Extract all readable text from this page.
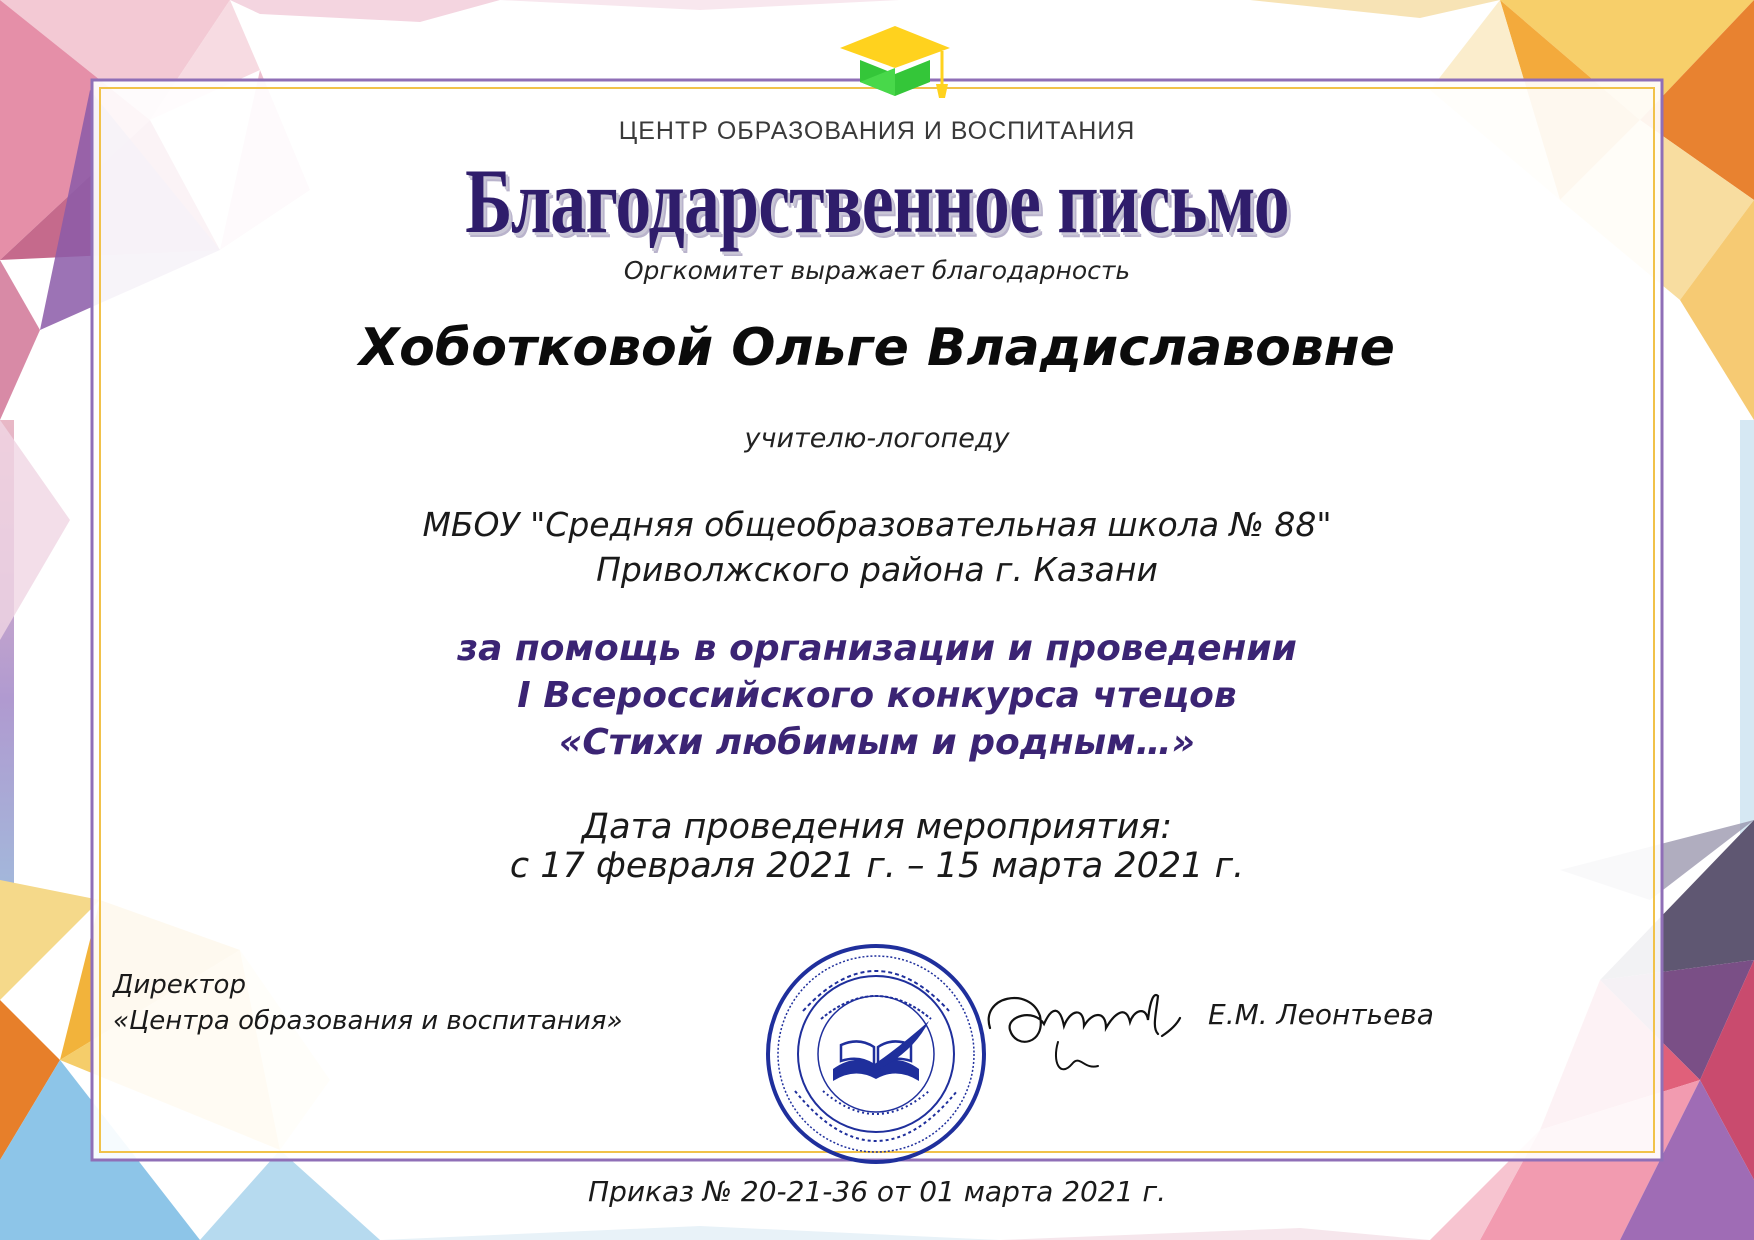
ЦЕНТР ОБРАЗОВАНИЯ И ВОСПИТАНИЯ
Благодарственное письмо
Оргкомитет выражает благодарность
Хоботковой Ольге Владиславовне
учителю-логопеду
МБОУ "Средняя общеобразовательная школа № 88"
Приволжского района г. Казани
за помощь в организации и проведении
I Всероссийского конкурса чтецов
«Стихи любимым и родным…»
Дата проведения мероприятия:
с 17 февраля 2021 г. – 15 марта 2021 г.
Директор
«Центра образования и воспитания»	Е.М. Леонтьева
Приказ № 20-21-36 от 01 марта 2021 г.
